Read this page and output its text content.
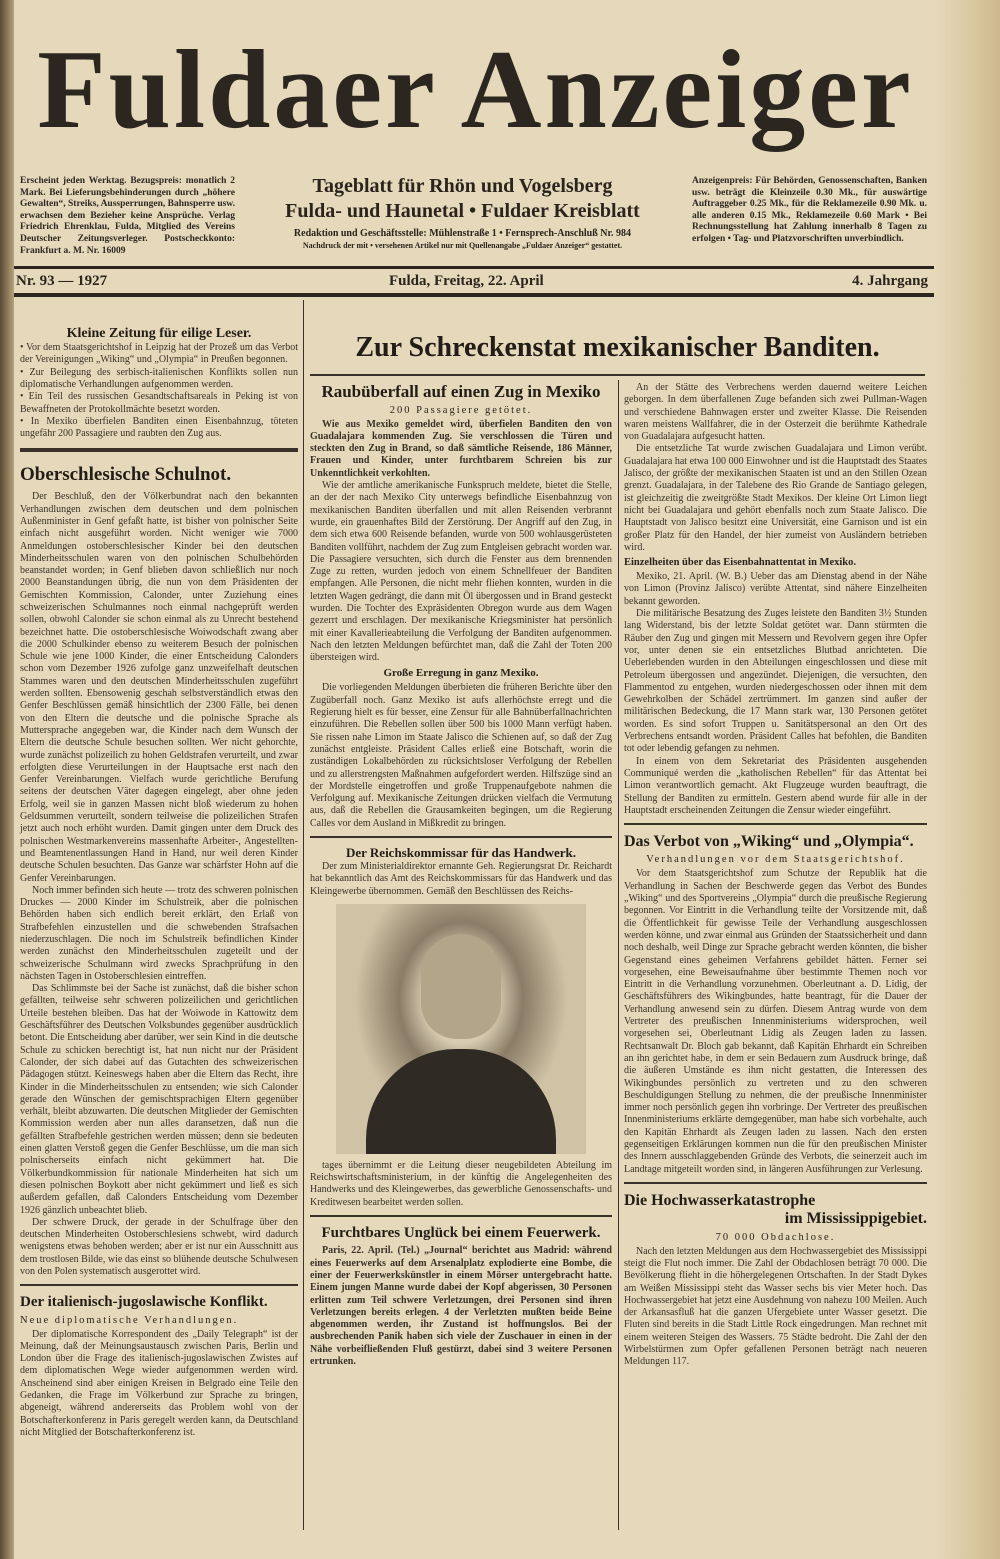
Fuldaer Anzeiger
Erscheint jeden Werktag. Bezugspreis: monatlich 2 Mark. Bei Lieferungsbehinderungen durch „höhere Gewalten“, Streiks, Aussperrungen, Bahnsperre usw. erwachsen dem Bezieher keine Ansprüche. Verlag Friedrich Ehrenklau, Fulda, Mitglied des Vereins Deutscher Zeitungsverleger. Postscheckkonto: Frankfurt a. M. Nr. 16009
Tageblatt für Rhön und Vogelsberg
Fulda- und Haunetal • Fuldaer Kreisblatt
Redaktion und Geschäftsstelle: Mühlenstraße 1 • Fernsprech-Anschluß Nr. 984
Nachdruck der mit • versehenen Artikel nur mit Quellenangabe „Fuldaer Anzeiger“ gestattet.
Anzeigenpreis: Für Behörden, Genossenschaften, Banken usw. beträgt die Kleinzeile 0.30 Mk., für auswärtige Auftraggeber 0.25 Mk., für die Reklamezeile 0.90 Mk. u. alle anderen 0.15 Mk., Reklamezeile 0.60 Mark • Bei Rechnungsstellung hat Zahlung innerhalb 8 Tagen zu erfolgen • Tag- und Platzvorschriften unverbindlich.
Nr. 93 — 1927	Fulda, Freitag, 22. April	4. Jahrgang
Kleine Zeitung für eilige Leser.
• Vor dem Staatsgerichtshof in Leipzig hat der Prozeß um das Verbot der Vereinigungen „Wiking“ und „Olympia“ in Preußen begonnen.
• Zur Beilegung des serbisch-italienischen Konflikts sollen nun diplomatische Verhandlungen aufgenommen werden.
• Ein Teil des russischen Gesandtschaftsareals in Peking ist von Bewaffneten der Protokollmächte besetzt worden.
• In Mexiko überfielen Banditen einen Eisenbahnzug, töteten ungefähr 200 Passagiere und raubten den Zug aus.
Oberschlesische Schulnot.

Der Beschluß, den der Völkerbundrat nach den bekannten Verhandlungen zwischen dem deutschen und dem polnischen Außenminister in Genf gefaßt hatte, ist bisher von polnischer Seite einfach nicht ausgeführt worden. Nicht weniger wie 7000 Anmeldungen ostoberschlesischer Kinder bei den deutschen Minderheitsschulen waren von den polnischen Schulbehörden beanstandet worden; in Genf blieben davon schließlich nur noch 2000 Beanstandungen übrig, die nun von dem Präsidenten der Gemischten Kommission, Calonder, unter Zuziehung eines schweizerischen Schulmannes noch einmal nachgeprüft werden sollen, obwohl Calonder sie schon einmal als zu Unrecht bestehend bezeichnet hatte. Die ostoberschlesische Woiwodschaft zwang aber die 2000 Schulkinder ebenso zu weiterem Besuch der polnischen Schule wie jene 1000 Kinder, die einer Entscheidung Calonders schon vom Dezember 1926 zufolge ganz unzweifelhaft deutschen Stammes waren und den deutschen Minderheitsschulen zugeführt werden sollten. Ebensowenig geschah selbstverständlich etwas den Genfer Beschlüssen gemäß hinsichtlich der 2300 Fälle, bei denen von den Eltern die deutsche und die polnische Sprache als Muttersprache angegeben war, die Kinder nach dem Wunsch der Eltern die deutsche Schule besuchen sollten. Wer nicht gehorchte, wurde zunächst polizeilich zu hohen Geldstrafen verurteilt, und zwar erfolgten diese Verurteilungen in der Hauptsache erst nach den Genfer Vereinbarungen. Vielfach wurde gerichtliche Berufung seitens der deutschen Väter dagegen eingelegt, aber ohne jeden Erfolg, weil sie in ganzen Massen nicht bloß wiederum zu hohen Geldsummen verurteilt, sondern teilweise die polizeilichen Strafen jetzt auch noch erhöht wurden. Damit gingen unter dem Druck des polnischen Westmarkenvereins massenhafte Arbeiter-, Angestellten- und Beamtenentlassungen Hand in Hand, nur weil deren Kinder deutsche Schulen besuchten. Das Ganze war schärfster Hohn auf die Genfer Vereinbarungen.

Noch immer befinden sich heute — trotz des schweren polnischen Druckes — 2000 Kinder im Schulstreik, aber die polnischen Behörden haben sich endlich bereit erklärt, den Erlaß von Strafbefehlen einzustellen und die schwebenden Strafsachen niederzuschlagen. Die noch im Schulstreik befindlichen Kinder werden zunächst den Minderheitsschulen zugeteilt und der schweizerische Schulmann wird zwecks Sprachprüfung in den nächsten Tagen in Ostoberschlesien eintreffen.

Das Schlimmste bei der Sache ist zunächst, daß die bisher schon gefällten, teilweise sehr schweren polizeilichen und gerichtlichen Urteile bestehen bleiben. Das hat der Woiwode in Kattowitz dem Geschäftsführer des Deutschen Volksbundes gegenüber ausdrücklich betont. Die Entscheidung aber darüber, wer sein Kind in die deutsche Schule zu schicken berechtigt ist, hat nun nicht nur der Präsident Calonder, der sich dabei auf das Gutachten des schweizerischen Pädagogen stützt. Keineswegs haben aber die Eltern das Recht, ihre Kinder in die Minderheitsschulen zu entsenden; wie sich Calonder gerade den Wünschen der gemischtsprachigen Eltern gegenüber verhält, bleibt abzuwarten. Die deutschen Mitglieder der Gemischten Kommission werden aber nun alles daransetzen, daß nun die gefällten Strafbefehle gestrichen werden müssen; denn sie bedeuten einen glatten Verstoß gegen die Genfer Beschlüsse, um die man sich polnischerseits einfach nicht gekümmert hat. Die Völkerbundkommission für nationale Minderheiten hat sich um diesen polnischen Boykott aber nicht gekümmert und ließ es sich außerdem gefallen, daß Calonders Entscheidung vom Dezember 1926 gänzlich unbeachtet blieb.

Der schwere Druck, der gerade in der Schulfrage über den deutschen Minderheiten Ostoberschlesiens schwebt, wird dadurch wenigstens etwas behoben werden; aber er ist nur ein Ausschnitt aus dem trostlosen Bilde, wie das einst so blühende deutsche Schulwesen von den Polen systematisch ausgerottet wird.

Der italienisch-jugoslawische Konflikt.
Neue diplomatische Verhandlungen.

Der diplomatische Korrespondent des „Daily Telegraph“ ist der Meinung, daß der Meinungsaustausch zwischen Paris, Berlin und London über die Frage des italienisch-jugoslawischen Zwistes auf dem diplomatischen Wege wieder aufgenommen werden wird. Anscheinend sind aber einigen Kreisen in Belgrado eine Teile den Gedanken, die Frage im Völkerbund zur Sprache zu bringen, abgeneigt, während andererseits das Problem wohl von der Botschafterkonferenz in Paris geregelt werden kann, da Deutschland nicht Mitglied der Botschafterkonferenz ist.

Zur Schreckenstat mexikanischer Banditen.
Raubüberfall auf einen Zug in Mexiko
200 Passagiere getötet.

Wie aus Mexiko gemeldet wird, überfielen Banditen den von Guadalajara kommenden Zug. Sie verschlossen die Türen und steckten den Zug in Brand, so daß sämtliche Reisende, 186 Männer, Frauen und Kinder, unter furchtbarem Schreien bis zur Unkenntlichkeit verkohlten.

Wie der amtliche amerikanische Funkspruch meldete, bietet die Stelle, an der der nach Mexiko City unterwegs befindliche Eisenbahnzug von mexikanischen Banditen überfallen und mit allen Reisenden verbrannt wurde, ein grauenhaftes Bild der Zerstörung. Der Angriff auf den Zug, in dem sich etwa 600 Reisende befanden, wurde von 500 wohlausgerüsteten Banditen vollführt, nachdem der Zug zum Entgleisen gebracht worden war. Die Passagiere versuchten, sich durch die Fenster aus dem brennenden Zuge zu retten, wurden jedoch von einem Schnellfeuer der Banditen empfangen. Alle Personen, die nicht mehr fliehen konnten, wurden in die letzten Wagen gedrängt, die dann mit Öl übergossen und in Brand gesteckt wurden. Die Tochter des Expräsidenten Obregon wurde aus dem Wagen gezerrt und erschlagen. Der mexikanische Kriegsminister hat persönlich mit einer Kavallerieabteilung die Verfolgung der Banditen aufgenommen. Nach den letzten Meldungen befürchtet man, daß die Zahl der Toten 200 übersteigen wird.

Große Erregung in ganz Mexiko.

Die vorliegenden Meldungen überbieten die früheren Berichte über den Zugüberfall noch. Ganz Mexiko ist aufs allerhöchste erregt und die Regierung hielt es für besser, eine Zensur für alle Bahnüberfallnachrichten einzuführen. Die Rebellen sollen über 500 bis 1000 Mann verfügt haben. Sie rissen nahe Limon im Staate Jalisco die Schienen auf, so daß der Zug zunächst entgleiste. Präsident Calles erließ eine Botschaft, worin die zuständigen Lokalbehörden zu rücksichtsloser Verfolgung der Rebellen und zu allerstrengsten Maßnahmen aufgefordert werden. Hilfszüge sind an der Mordstelle eingetroffen und große Truppenaufgebote nahmen die Verfolgung auf. Mexikanische Zeitungen drücken vielfach die Vermutung aus, daß die Rebellen die Grausamkeiten begingen, um die Regierung Calles vor dem Ausland in Mißkredit zu bringen.

Der Reichskommissar für das Handwerk.

Der zum Ministerialdirektor ernannte Geh. Regierungsrat Dr. Reichardt hat bekanntlich das Amt des Reichskommissars für das Handwerk und das Kleingewerbe übernommen. Gemäß den Beschlüssen des Reichs-

tages übernimmt er die Leitung dieser neugebildeten Abteilung im Reichswirtschaftsministerium, in der künftig die Angelegenheiten des Handwerks und des Kleingewerbes, das gewerbliche Genossenschafts- und Kreditwesen bearbeitet werden sollen.

Furchtbares Unglück bei einem Feuerwerk.

Paris, 22. April. (Tel.) „Journal“ berichtet aus Madrid: während eines Feuerwerks auf dem Arsenalplatz explodierte eine Bombe, die einer der Feuerwerkskünstler in einem Mörser untergebracht hatte. Einem jungen Manne wurde dabei der Kopf abgerissen, 30 Personen erlitten zum Teil schwere Verletzungen, drei Personen sind ihren Verletzungen bereits erlegen. 4 der Verletzten mußten beide Beine abgenommen werden, ihr Zustand ist hoffnungslos. Bei der ausbrechenden Panik haben sich viele der Zuschauer in einen in der Nähe vorbeifließenden Fluß gestürzt, dabei sind 3 weitere Personen ertrunken.

An der Stätte des Verbrechens werden dauernd weitere Leichen geborgen. In dem überfallenen Zuge befanden sich zwei Pullman-Wagen und verschiedene Bahnwagen erster und zweiter Klasse. Die Reisenden waren meistens Wallfahrer, die in der Osterzeit die berühmte Kathedrale von Guadalajara aufgesucht hatten.

Die entsetzliche Tat wurde zwischen Guadalajara und Limon verübt. Guadalajara hat etwa 100 000 Einwohner und ist die Hauptstadt des Staates Jalisco, der größte der mexikanischen Staaten ist und an den Stillen Ozean grenzt. Guadalajara, in der Talebene des Rio Grande de Santiago gelegen, ist gleichzeitig die zweitgrößte Stadt Mexikos. Der kleine Ort Limon liegt nicht bei Guadalajara und gehört ebenfalls noch zum Staate Jalisco. Die Hauptstadt von Jalisco besitzt eine Universität, eine Garnison und ist ein großer Platz für den Handel, der hier zumeist von Ausländern betrieben wird.

Einzelheiten über das Eisenbahnattentat in Mexiko.

Mexiko, 21. April. (W. B.) Ueber das am Dienstag abend in der Nähe von Limon (Provinz Jalisco) verübte Attentat, sind nähere Einzelheiten bekannt geworden.

Die militärische Besatzung des Zuges leistete den Banditen 3½ Stunden lang Widerstand, bis der letzte Soldat getötet war. Dann stürmten die Räuber den Zug und gingen mit Messern und Revolvern gegen ihre Opfer vor, unter denen sie ein entsetzliches Blutbad anrichteten. Die Ueberlebenden wurden in den Abteilungen eingeschlossen und diese mit Petroleum übergossen und angezündet. Diejenigen, die versuchten, den Flammentod zu entgehen, wurden niedergeschossen oder ihnen mit dem Gewehrkolben der Schädel zertrümmert. Im ganzen sind außer der militärischen Bedeckung, die 17 Mann stark war, 130 Personen getötet worden. Es sind sofort Truppen u. Sanitätspersonal an den Ort des Verbrechens entsandt worden. Präsident Calles hat befohlen, die Banditen tot oder lebendig gefangen zu nehmen.

In einem von dem Sekretariat des Präsidenten ausgehenden Communiqué werden die „katholischen Rebellen“ für das Attentat bei Limon verantwortlich gemacht. Akt Flugzeuge wurden beauftragt, die Stellung der Banditen zu ermitteln. Gestern abend wurde für alle in der Hauptstadt erscheinenden Zeitungen die Zensur wieder eingeführt.

Das Verbot von „Wiking“ und „Olympia“.
Verhandlungen vor dem Staatsgerichtshof.

Vor dem Staatsgerichtshof zum Schutze der Republik hat die Verhandlung in Sachen der Beschwerde gegen das Verbot des Bundes „Wiking“ und des Sportvereins „Olympia“ durch die preußische Regierung begonnen. Vor Eintritt in die Verhandlung teilte der Vorsitzende mit, daß die Öffentlichkeit für gewisse Teile der Verhandlung ausgeschlossen werden könne, und zwar einmal aus Gründen der Staatssicherheit und dann noch deshalb, weil Dinge zur Sprache gebracht werden könnten, die bisher Gegenstand eines geheimen Verfahrens gebildet hätten. Ferner sei vorgesehen, eine Beweisaufnahme über bestimmte Themen noch vor Eintritt in die Verhandlung vorzunehmen. Oberleutnant a. D. Lidig, der Geschäftsführers des Wikingbundes, hatte beantragt, für die Dauer der Verhandlung anwesend sein zu dürfen. Diesem Antrag wurde von dem Vertreter des preußischen Innenministeriums widersprochen, weil vorgesehen sei, Oberleutnant Lidig als Zeugen laden zu lassen. Rechtsanwalt Dr. Bloch gab bekannt, daß Kapitän Ehrhardt ein Schreiben an ihn gerichtet habe, in dem er sein Bedauern zum Ausdruck bringe, daß die äußeren Umstände es ihm nicht gestatten, die Interessen des Wikingbundes persönlich zu vertreten und zu den schweren Beschuldigungen Stellung zu nehmen, die der preußische Innenminister immer noch persönlich gegen ihn vorbringe. Der Vertreter des preußischen Innenministeriums erklärte demgegenüber, man habe sich vorbehalte, auch den Kapitän Ehrhardt als Zeugen laden zu lassen. Nach den ersten gegenseitigen Erklärungen kommen nun die für den preußischen Minister des Innern ausschlaggebenden Gründe des Verbots, die seinerzeit auch im Landtage mitgeteilt worden sind, in längeren Ausführungen zur Verlesung.

Die Hochwasserkatastrophe
im Mississippigebiet.
70 000 Obdachlose.

Nach den letzten Meldungen aus dem Hochwassergebiet des Mississippi steigt die Flut noch immer. Die Zahl der Obdachlosen beträgt 70 000. Die Bevölkerung flieht in die höhergelegenen Ortschaften. In der Stadt Dykes am Weißen Mississippi steht das Wasser sechs bis vier Meter hoch. Das Hochwassergebiet hat jetzt eine Ausdehnung von nahezu 100 Meilen. Auch der Arkansasfluß hat die ganzen Ufergebiete unter Wasser gesetzt. Die Fluten sind bereits in die Stadt Little Rock eingedrungen. Man rechnet mit einem weiteren Steigen des Wassers. 75 Städte bedroht. Die Zahl der den Wirbelstürmen zum Opfer gefallenen Personen beträgt nach neueren Meldungen 117.
